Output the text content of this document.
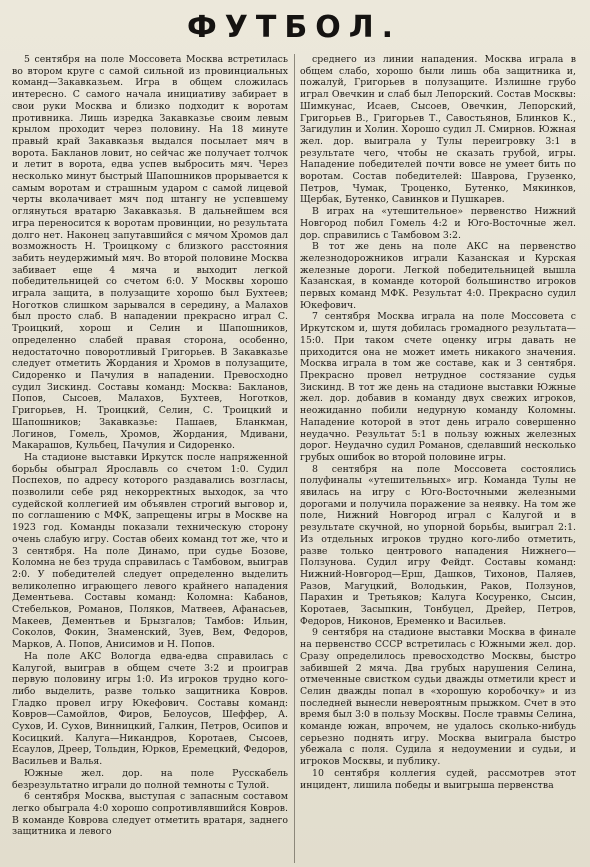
ФУТБОЛ.

5 сентября на поле Моссовета Москва встретилась во втором круге с самой сильной из провинциальных команд—Закавказьем. Игра в общем сложилась интересно. С самого начала инициативу забирает в свои руки Москва и близко подходит к воротам противника. Лишь изредка Закавказье своим левым крылом проходит через половину. На 18 минуте правый край Закавказья выдался посылает мяч в ворота. Бакланов ловит, но сейчас же получает толчок и летит в ворота, едва успев выбросить мяч. Через несколько минут быстрый Шапошников прорывается к самым воротам и страшным ударом с самой лицевой черты вколачивает мяч под штангу не успевшему оглянуться вратарю Закавказья. В дальнейшем вся игра переносится к воротам провинции, но результата долго нет. Наконец запутавшийся с мячом Хромов дал возможность Н. Троицкому с близкого расстояния забить неудержимый мяч. Во второй половине Москва забивает еще 4 мяча и выходит легкой победительницей со счетом 6:0. У Москвы хорошо играла защита, в полузащите хорошо был Бухтеев; Ноготков слишком зарывался в середину, а Малахов был просто слаб. В нападении прекрасно играл С. Троицкий, хорош и Селин и Шапошников, определенно слабей правая сторона, особенно, недостаточно поворотливый Григорьев. В Закавказье следует отметить Жордания и Хромов в полузащите, Сидоренко и Пачулия в нападении. Превосходно судил Зискинд. Составы команд: Москва: Бакланов, Попов, Сысоев, Малахов, Бухтеев, Ноготков, Григорьев, Н. Троицкий, Селин, С. Троицкий и Шапошников; Закавказье: Пашаев, Бланкман, Логинов, Гомель, Хромов, Жордания, Мдивани, Макарашов, Кульбец, Пачулия и Сидоренко.

На стадионе выставки Иркутск после напряженной борьбы обыграл Ярославль со счетом 1:0. Судил Поспехов, по адресу которого раздавались возгласы, позволили себе ряд некорректных выходок, за что судейской коллегией им объявлен строгий выговор и, по соглашению с МФК, запрещены игры в Москве на 1923 год. Команды показали техническую сторону очень слабую игру. Состав обеих команд тот же, что и 3 сентября. На поле Динамо, при судье Бозове, Коломна не без труда справилась с Тамбовом, выиграв 2:0. У победителей следует определенно выделить великолепно играющего левого крайнего нападения Дементьева. Составы команд: Коломна: Кабанов, Стебельков, Романов, Поляков, Матвеев, Афанасьев, Макеев, Дементьев и Брызгалов; Тамбов: Ильин, Соколов, Фокин, Знаменский, Зуев, Вем, Федоров, Марков, А. Попов, Анисимов и Н. Попов.

На поле АКС Вологда едва-едва справилась с Калугой, выиграв в общем счете 3:2 и проиграв первую половину игры 1:0. Из игроков трудно кого-либо выделить, разве только защитника Ковров. Гладко провел игру Юкефович. Составы команд: Ковров—Самойлов, Фиров, Белоусов, Шеффер, А. Сухов, И. Сухов, Винницкий, Галкин, Петров, Осипов и Косицкий. Калуга—Никандров, Коротаев, Сысоев, Есаулов, Дреер, Тольдин, Юрков, Еремецкий, Федоров, Васильев и Валья.

Южные жел. дор. на поле Русскабель безрезультатно играли до полной темноты с Тулой.

6 сентября Москва, выступая с запасным составом легко обыграла 4:0 хорошо сопротивлявшийся Ковров. В команде Коврова следует отметить вратаря, заднего защитника и левого

среднего из линии нападения. Москва играла в общем слабо, хорошо были лишь оба защитника и, пожалуй, Григорьев в полузащите. Излишне грубо играл Овечкин и слаб был Лепорский. Состав Москвы: Шимкунас, Исаев, Сысоев, Овечкин, Лепорский, Григорьев В., Григорьев Т., Савостьянов, Блинков К., Загидулин и Холин. Хорошо судил Л. Смирнов. Южная жел. дор. выиграла у Тулы переигровку 3:1 в результате чего, чтобы не сказать грубой, игры. Нападение победителей почти вовсе не умеет бить по воротам. Состав победителей: Шаврова, Грузенко, Петров, Чумак, Троценко, Бутенко, Мякинков, Щербак, Бутенко, Савинков и Пушкарев.

В играх на «утешительное» первенство Нижний Новгород побил Гомель 4:2 и Юго-Восточные жел. дор. справились с Тамбовом 3:2.

В тот же день на поле АКС на первенство железнодорожников играли Казанская и Курская железные дороги. Легкой победительницей вышла Казанская, в команде которой большинство игроков первых команд МФК. Результат 4:0. Прекрасно судил Юкефович.

7 сентября Москва играла на поле Моссовета с Иркутском и, шутя добилась громадного результата—15:0. При таком счете оценку игры давать не приходится она не может иметь никакого значения. Москва играла в том же составе, как и 3 сентября. Прекрасно провел нетрудное состязание судья Зискинд. В тот же день на стадионе выставки Южные жел. дор. добавив в команду двух свежих игроков, неожиданно побили недурную команду Коломны. Нападение которой в этот день играло совершенно неудачно. Результат 5:1 в пользу южных железных дорог. Неудачно судил Романов, сделавший несколько грубых ошибок во второй половине игры.

8 сентября на поле Моссовета состоялись полуфиналы «утешительных» игр. Команда Тулы не явилась на игру с Юго-Восточными железными дорогами и получила поражение за неявку. На том же поле, Нижний Новгород играл с Калугой и в результате скучной, но упорной борьбы, выиграл 2:1. Из отдельных игроков трудно кого-либо отметить, разве только центрового нападения Нижнего—Ползунова. Судил игру Фейдт. Составы команд: Нижний-Новгород—Ерш, Дашков, Тихонов, Паляев, Разов, Магуцкий, Володькин, Раков, Ползунов, Парахин и Третьяков; Калуга Косуренко, Сысин, Коротаев, Засыпкин, Тонбуцел, Дрейер, Петров, Федоров, Никонов, Еременко и Васильев.

9 сентября на стадионе выставки Москва в финале на первенство СССР встретилась с Южными жел. дор. Сразу определилось превосходство Москвы, быстро забившей 2 мяча. Два грубых нарушения Селина, отмеченные свистком судьи дважды отметили крест и Селин дважды попал в «хорошую коробочку» и из последней вынесли невероятным прыжком. Счет в это время был 3:0 в пользу Москвы. После травмы Селина, команде южан, впрочем, не удалось сколько-нибудь серьезно поднять игру. Москва выиграла быстро убежала с поля. Судила я недоумении и судьи, и игроков Москвы, и публику.

10 сентября коллегия судей, рассмотрев этот инцидент, лишила победы и выигрыша первенства
